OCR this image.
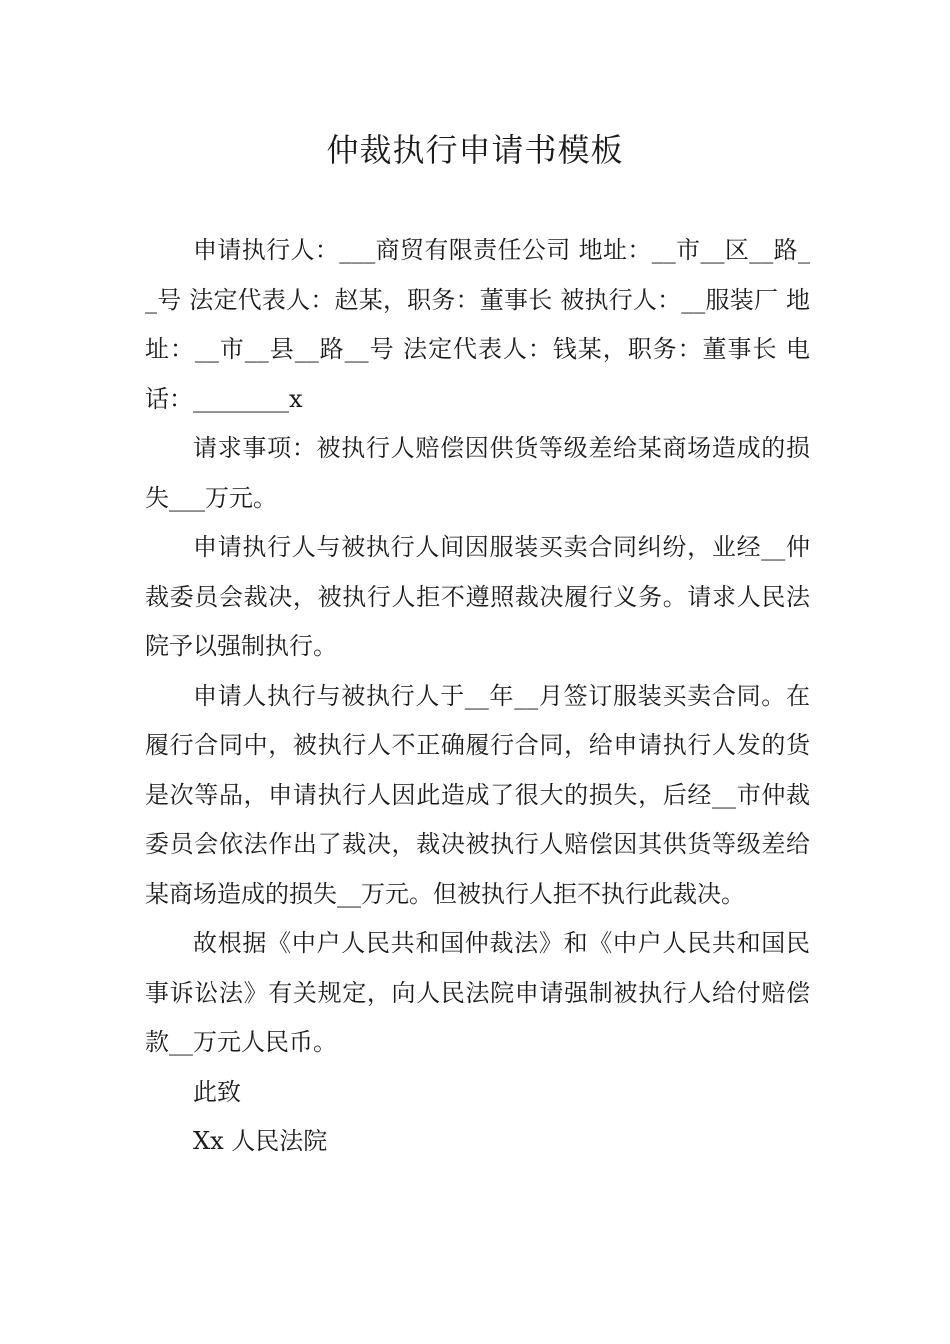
仲裁执行申请书模板

申请执行人：___商贸有限责任公司 地址：__市__区__路__号 法定代表人：赵某，职务：董事长 被执行人：__服装厂 地址：__市__县__路__号 法定代表人：钱某，职务：董事长 电话：________x

请求事项：被执行人赔偿因供货等级差给某商场造成的损失___万元。

申请执行人与被执行人间因服装买卖合同纠纷，业经__仲裁委员会裁决，被执行人拒不遵照裁决履行义务。请求人民法院予以强制执行。

申请人执行与被执行人于__年__月签订服装买卖合同。在履行合同中，被执行人不正确履行合同，给申请执行人发的货是次等品，申请执行人因此造成了很大的损失，后经__市仲裁委员会依法作出了裁决，裁决被执行人赔偿因其供货等级差给某商场造成的损失__万元。但被执行人拒不执行此裁决。

故根据《中户人民共和国仲裁法》和《中户人民共和国民事诉讼法》有关规定，向人民法院申请强制被执行人给付赔偿款__万元人民币。

此致

Xx 人民法院
